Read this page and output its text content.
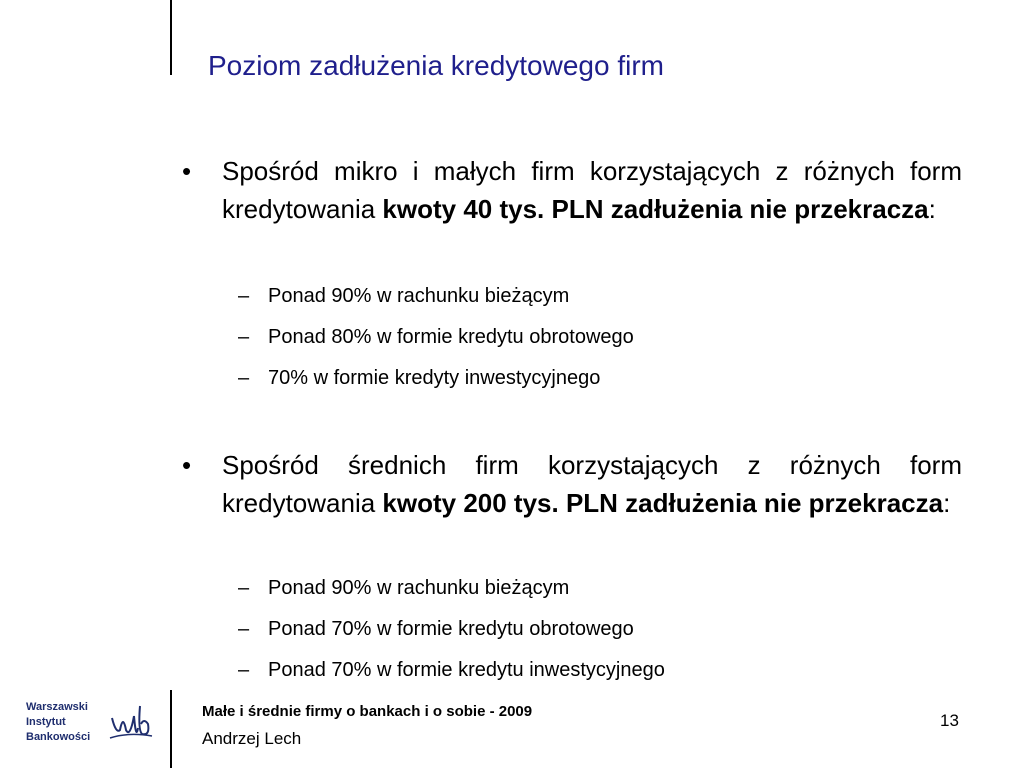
Poziom zadłużenia kredytowego firm
•	Spośród mikro i małych firm korzystających z różnych form kredytowania kwoty 40 tys. PLN zadłużenia nie przekracza:
– Ponad 90% w rachunku bieżącym
– Ponad 80% w formie kredytu obrotowego
– 70% w formie kredyty inwestycyjnego
•	Spośród średnich firm korzystających z różnych form kredytowania kwoty 200 tys. PLN zadłużenia nie przekracza:
– Ponad 90% w rachunku bieżącym
– Ponad 70% w formie kredytu obrotowego
– Ponad 70% w formie kredytu inwestycyjnego
Warszawski
Instytut
Bankowości
Małe i średnie firmy o bankach i o sobie - 2009
Andrzej Lech
13
